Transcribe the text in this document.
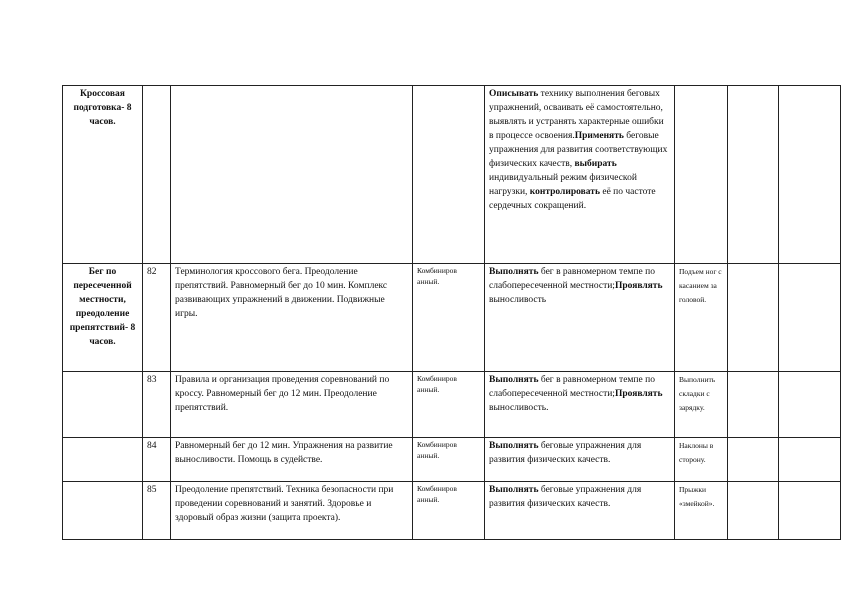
Кроссовая подготовка- 8 часов.				Описывать технику выполнения беговых упражнений, осваивать её самостоятельно, выявлять и устранять характерные ошибки в процессе освоения.Применять беговые упражнения для развития соответствующих физических качеств, выбирать индивидуальный режим физической нагрузки, контролировать её по частоте сердечных сокращений.			
Бег по пересеченной местности, преодоление препятствий- 8 часов.	82	Терминология кроссового бега. Преодоление препятствий. Равномерный бег до 10 мин. Комплекс развивающих упражнений в движении. Подвижные игры.	Комбиниров анный.	Выполнять бег в равномерном темпе по слабопересеченной местности;Проявлять выносливость	Подъем ног с касанием за головой.		
	83	Правила и организация проведения соревнований по кроссу. Равномерный бег до 12 мин. Преодоление препятствий.	Комбиниров анный.	Выполнять бег в равномерном темпе по слабопересеченной местности;Проявлять выносливость.	Выполнить складки с зарядку.		
	84	Равномерный бег до 12 мин. Упражнения на развитие выносливости. Помощь в судействе.	Комбиниров анный.	Выполнять беговые упражнения для развития физических качеств.	Наклоны в сторону.		
	85	Преодоление препятствий. Техника безопасности при проведении соревнований и занятий. Здоровье и здоровый образ жизни (защита проекта).	Комбиниров анный.	Выполнять беговые упражнения для развития физических качеств.	Прыжки «змейкой».		
